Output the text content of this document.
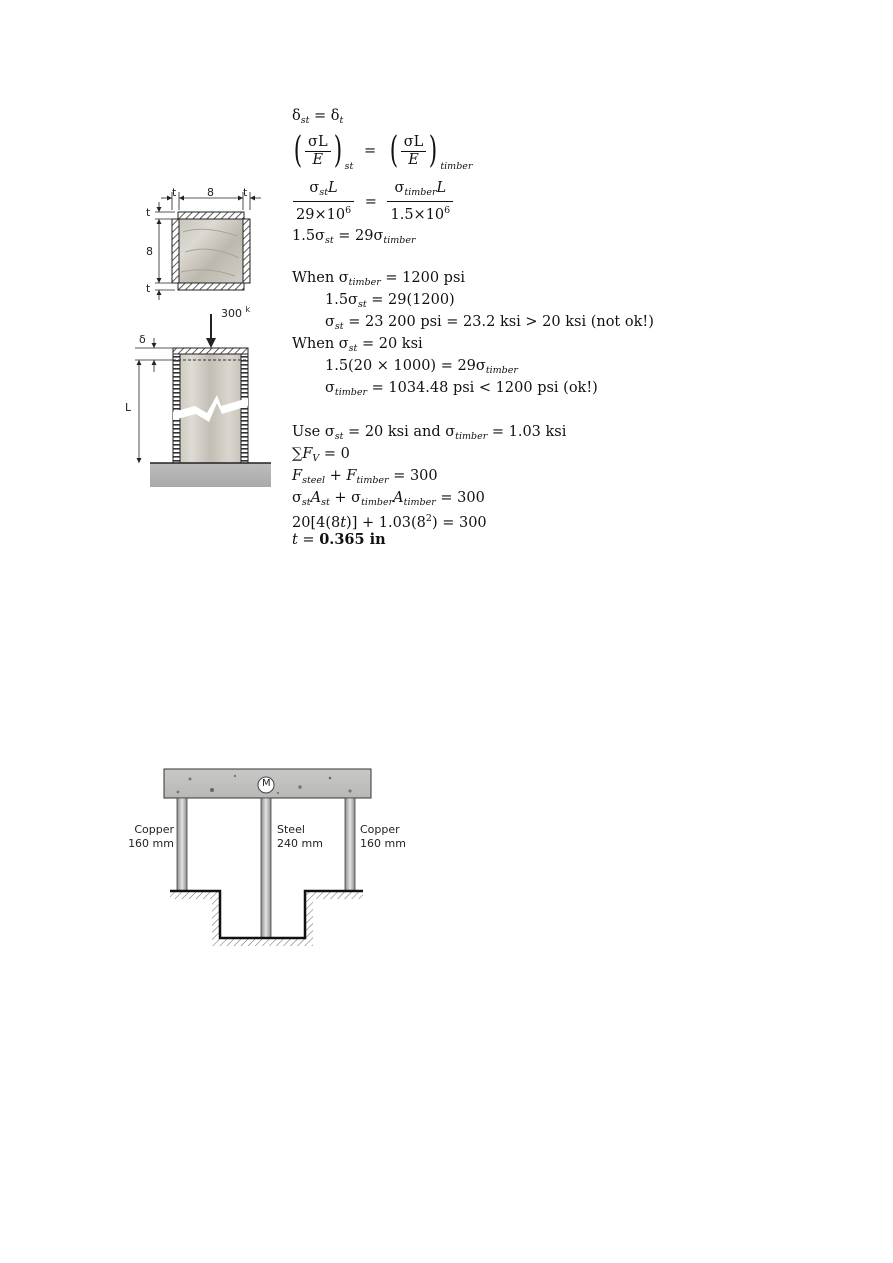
t	8	t
t
8
t
300 $^k$
δ
L
$\delta_{st} = \delta_t$
( $\frac{\sigma L}{E}$ ) $_{st}$ = ( $\frac{\sigma L}{E}$ ) $_{timber}$
$\frac{\sigma_{st}L}{29\times 10^6} = \frac{\sigma_{timber}L}{1.5\times 10^6}$
$1.5\sigma_{st} = 29\sigma_{timber}$
When $\sigma_{timber} = 1200$ psi
$1.5\sigma_{st} = 29(1200)$
$\sigma_{st} = 23$ 200 psi = 23.2 ksi > 20 ksi (not ok!)
When $\sigma_{st} = 20$ ksi
$1.5(20 \times 1000) = 29\sigma_{timber}$
$\sigma_{timber} = 1034.48$ psi < 1200 psi (ok!)
Use $\sigma_{st} = 20$ ksi and $\sigma_{timber} = 1.03$ ksi
$\sum F_V = 0$
$F_{steel} + F_{timber} = 300$
$\sigma_{st}A_{st} + \sigma_{timber}A_{timber} = 300$
$20[4(8t)] + 1.03(8^2) = 300$
t = 0.365 in
M
Copper
160 mm
Steel
240 mm
Copper
160 mm
